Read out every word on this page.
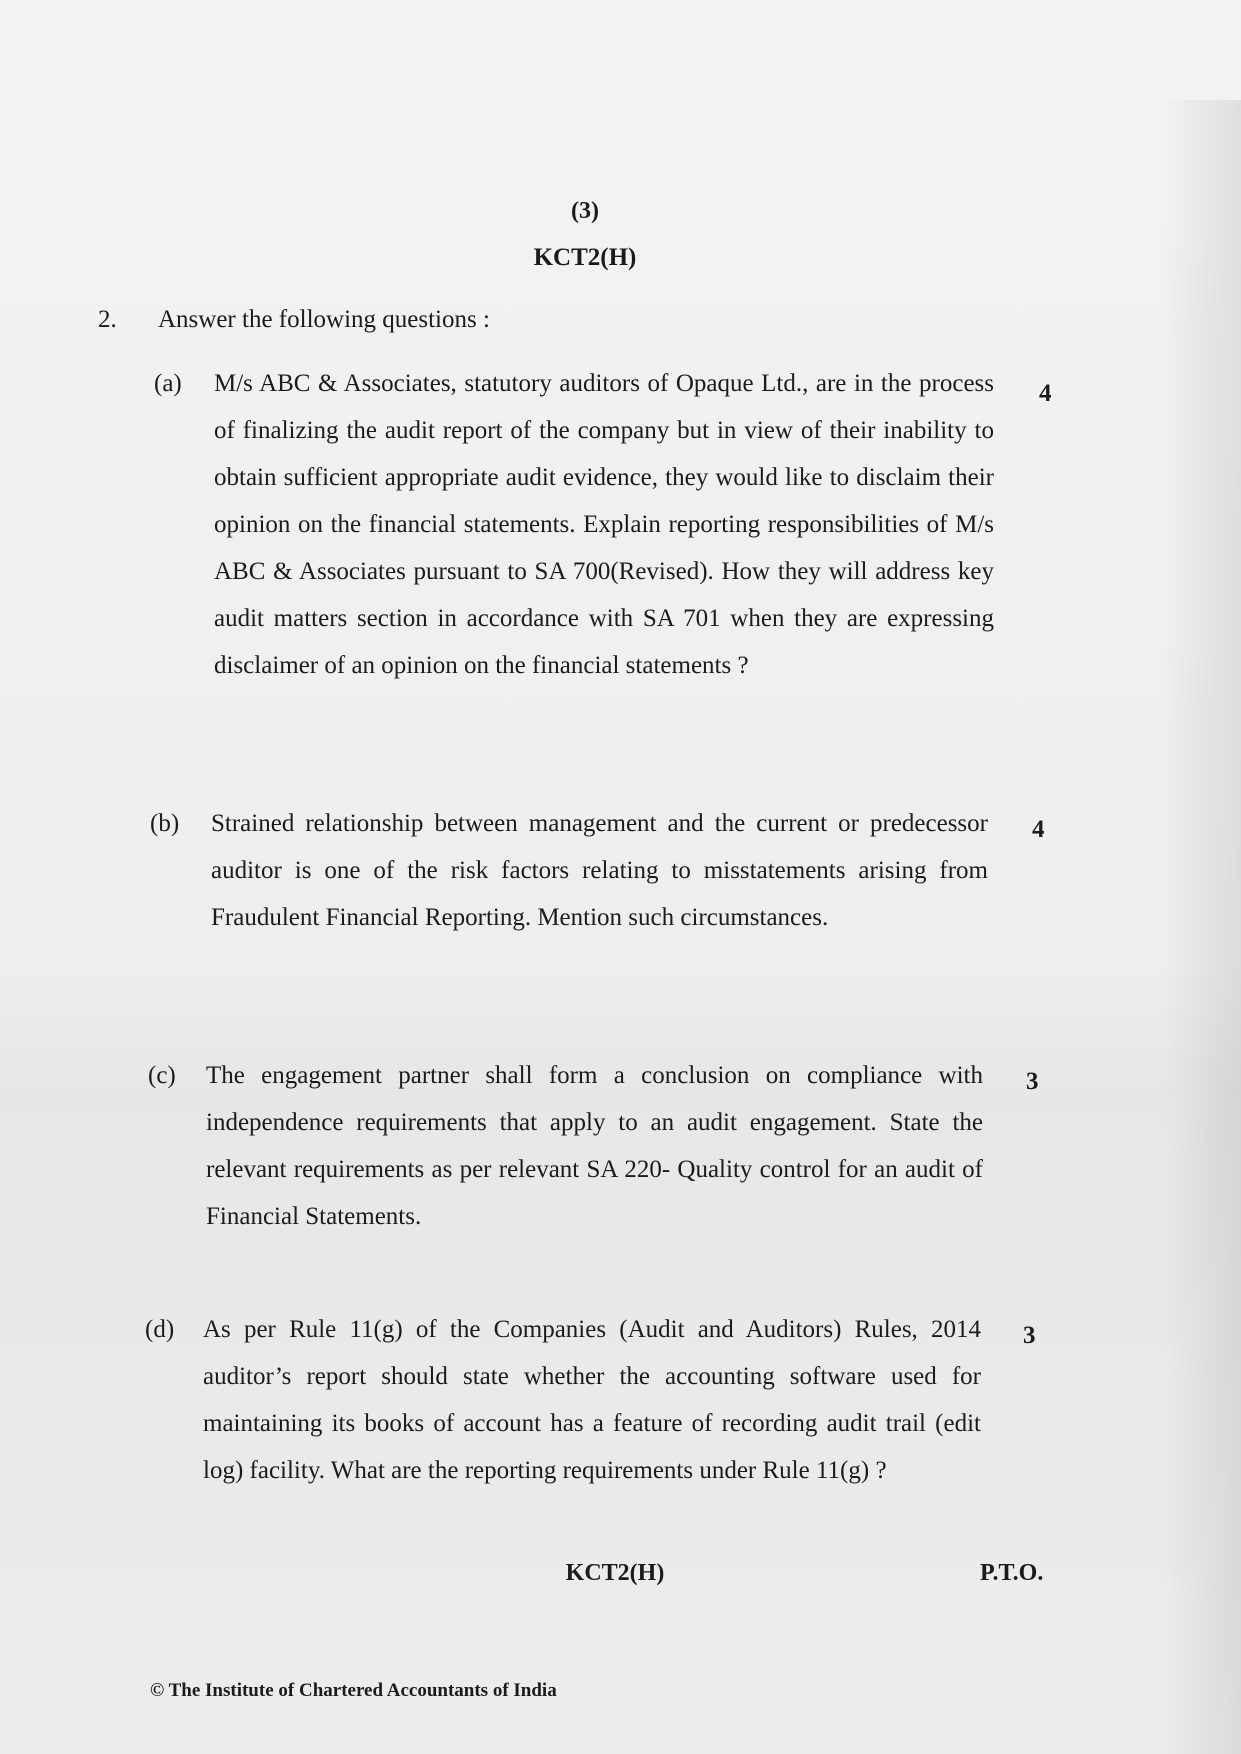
(3)
KCT2(H)
2. Answer the following questions :
(a) M/s ABC & Associates, statutory auditors of Opaque Ltd., are in the process of finalizing the audit report of the company but in view of their inability to obtain sufficient appropriate audit evidence, they would like to disclaim their opinion on the financial statements. Explain reporting responsibilities of M/s ABC & Associates pursuant to SA 700(Revised). How they will address key audit matters section in accordance with SA 701 when they are expressing disclaimer of an opinion on the financial statements ?
4
(b) Strained relationship between management and the current or predecessor auditor is one of the risk factors relating to misstatements arising from Fraudulent Financial Reporting. Mention such circumstances.
4
(c) The engagement partner shall form a conclusion on compliance with independence requirements that apply to an audit engagement. State the relevant requirements as per relevant SA 220- Quality control for an audit of Financial Statements.
3
(d) As per Rule 11(g) of the Companies (Audit and Auditors) Rules, 2014 auditor’s report should state whether the accounting software used for maintaining its books of account has a feature of recording audit trail (edit log) facility. What are the reporting requirements under Rule 11(g) ?
3
KCT2(H)	P.T.O.
© The Institute of Chartered Accountants of India
